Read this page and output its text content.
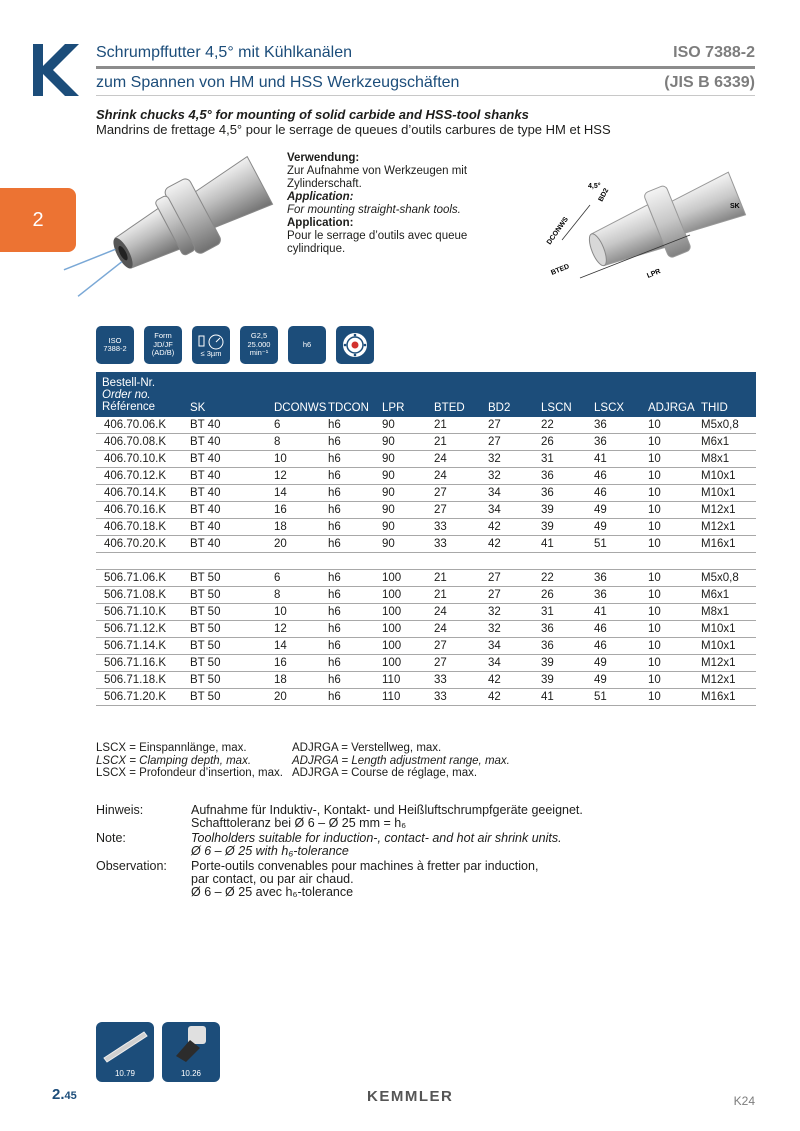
Schrumpffutter 4,5° mit Kühlkanälen
zum Spannen von HM und HSS Werkzeugschäften
ISO 7388-2
(JIS B 6339)
Shrink chucks 4,5° for mounting of solid carbide and HSS-tool shanks
Mandrins de frettage 4,5° pour le serrage de queues d’outils carbures de type HM et HSS
2
Verwendung:
Zur Aufnahme von Werkzeugen mit Zylinderschaft.
Application:
For mounting straight-shank tools.
Application:
Pour le serrage d’outils avec queue cylindrique.
4,5°
BD2
DCONWS
BTED	LPR
SK
ISO
7388-2
Form
JD/JF
(AD/B)	≤ 3µm
G2,5
25.000
min⁻¹
h6
Bestell-Nr.
Order no.
Référence	SK	DCONWS TDCON LPR	BTED BD2	LSCN LSCX ADJRGA THID
406.70.06.K BT 40	6	h6	90	21	27	22	36	10	M5x0,8
406.70.08.K BT 40	8	h6	90	21	27	26	36	10	M6x1
406.70.10.K BT 40	10	h6	90	24	32	31	41	10	M8x1
406.70.12.K BT 40	12	h6	90	24	32	36	46	10	M10x1
406.70.14.K BT 40	14	h6	90	27	34	36	46	10	M10x1
406.70.16.K BT 40	16	h6	90	27	34	39	49	10	M12x1
406.70.18.K BT 40	18	h6	90	33	42	39	49	10	M12x1
406.70.20.K BT 40	20	h6	90	33	42	41	51	10	M16x1
506.71.06.K BT 50	6	h6	100	21	27	22	36	10	M5x0,8
506.71.08.K BT 50	8	h6	100	21	27	26	36	10	M6x1
506.71.10.K BT 50	10	h6	100	24	32	31	41	10	M8x1
506.71.12.K BT 50	12	h6	100	24	32	36	46	10	M10x1
506.71.14.K BT 50	14	h6	100	27	34	36	46	10	M10x1
506.71.16.K BT 50	16	h6	100	27	34	39	49	10	M12x1
506.71.18.K BT 50	18	h6	110	33	42	39	49	10	M12x1
506.71.20.K BT 50	20	h6	110	33	42	41	51	10	M16x1
LSCX = Einspannlänge, max.
LSCX = Clamping depth, max.
LSCX = Profondeur d’insertion, max.
ADJRGA = Verstellweg, max.
ADJRGA = Length adjustment range, max.
ADJRGA = Course de réglage, max.
Hinweis:	Aufnahme für Induktiv-, Kontakt- und Heißluftschrumpfgeräte geeignet.
Schafttoleranz bei Ø 6 – Ø 25 mm = h₆
Note:	Toolholders suitable for induction-, contact- and hot air shrink units.
Ø 6 – Ø 25 with h₆-tolerance
Observation: Porte-outils convenables pour machines à fretter par induction,
par contact, ou par air chaud.
Ø 6 – Ø 25 avec h₆-tolerance
10.79	10.26
2.45	KEMMLER	K24
